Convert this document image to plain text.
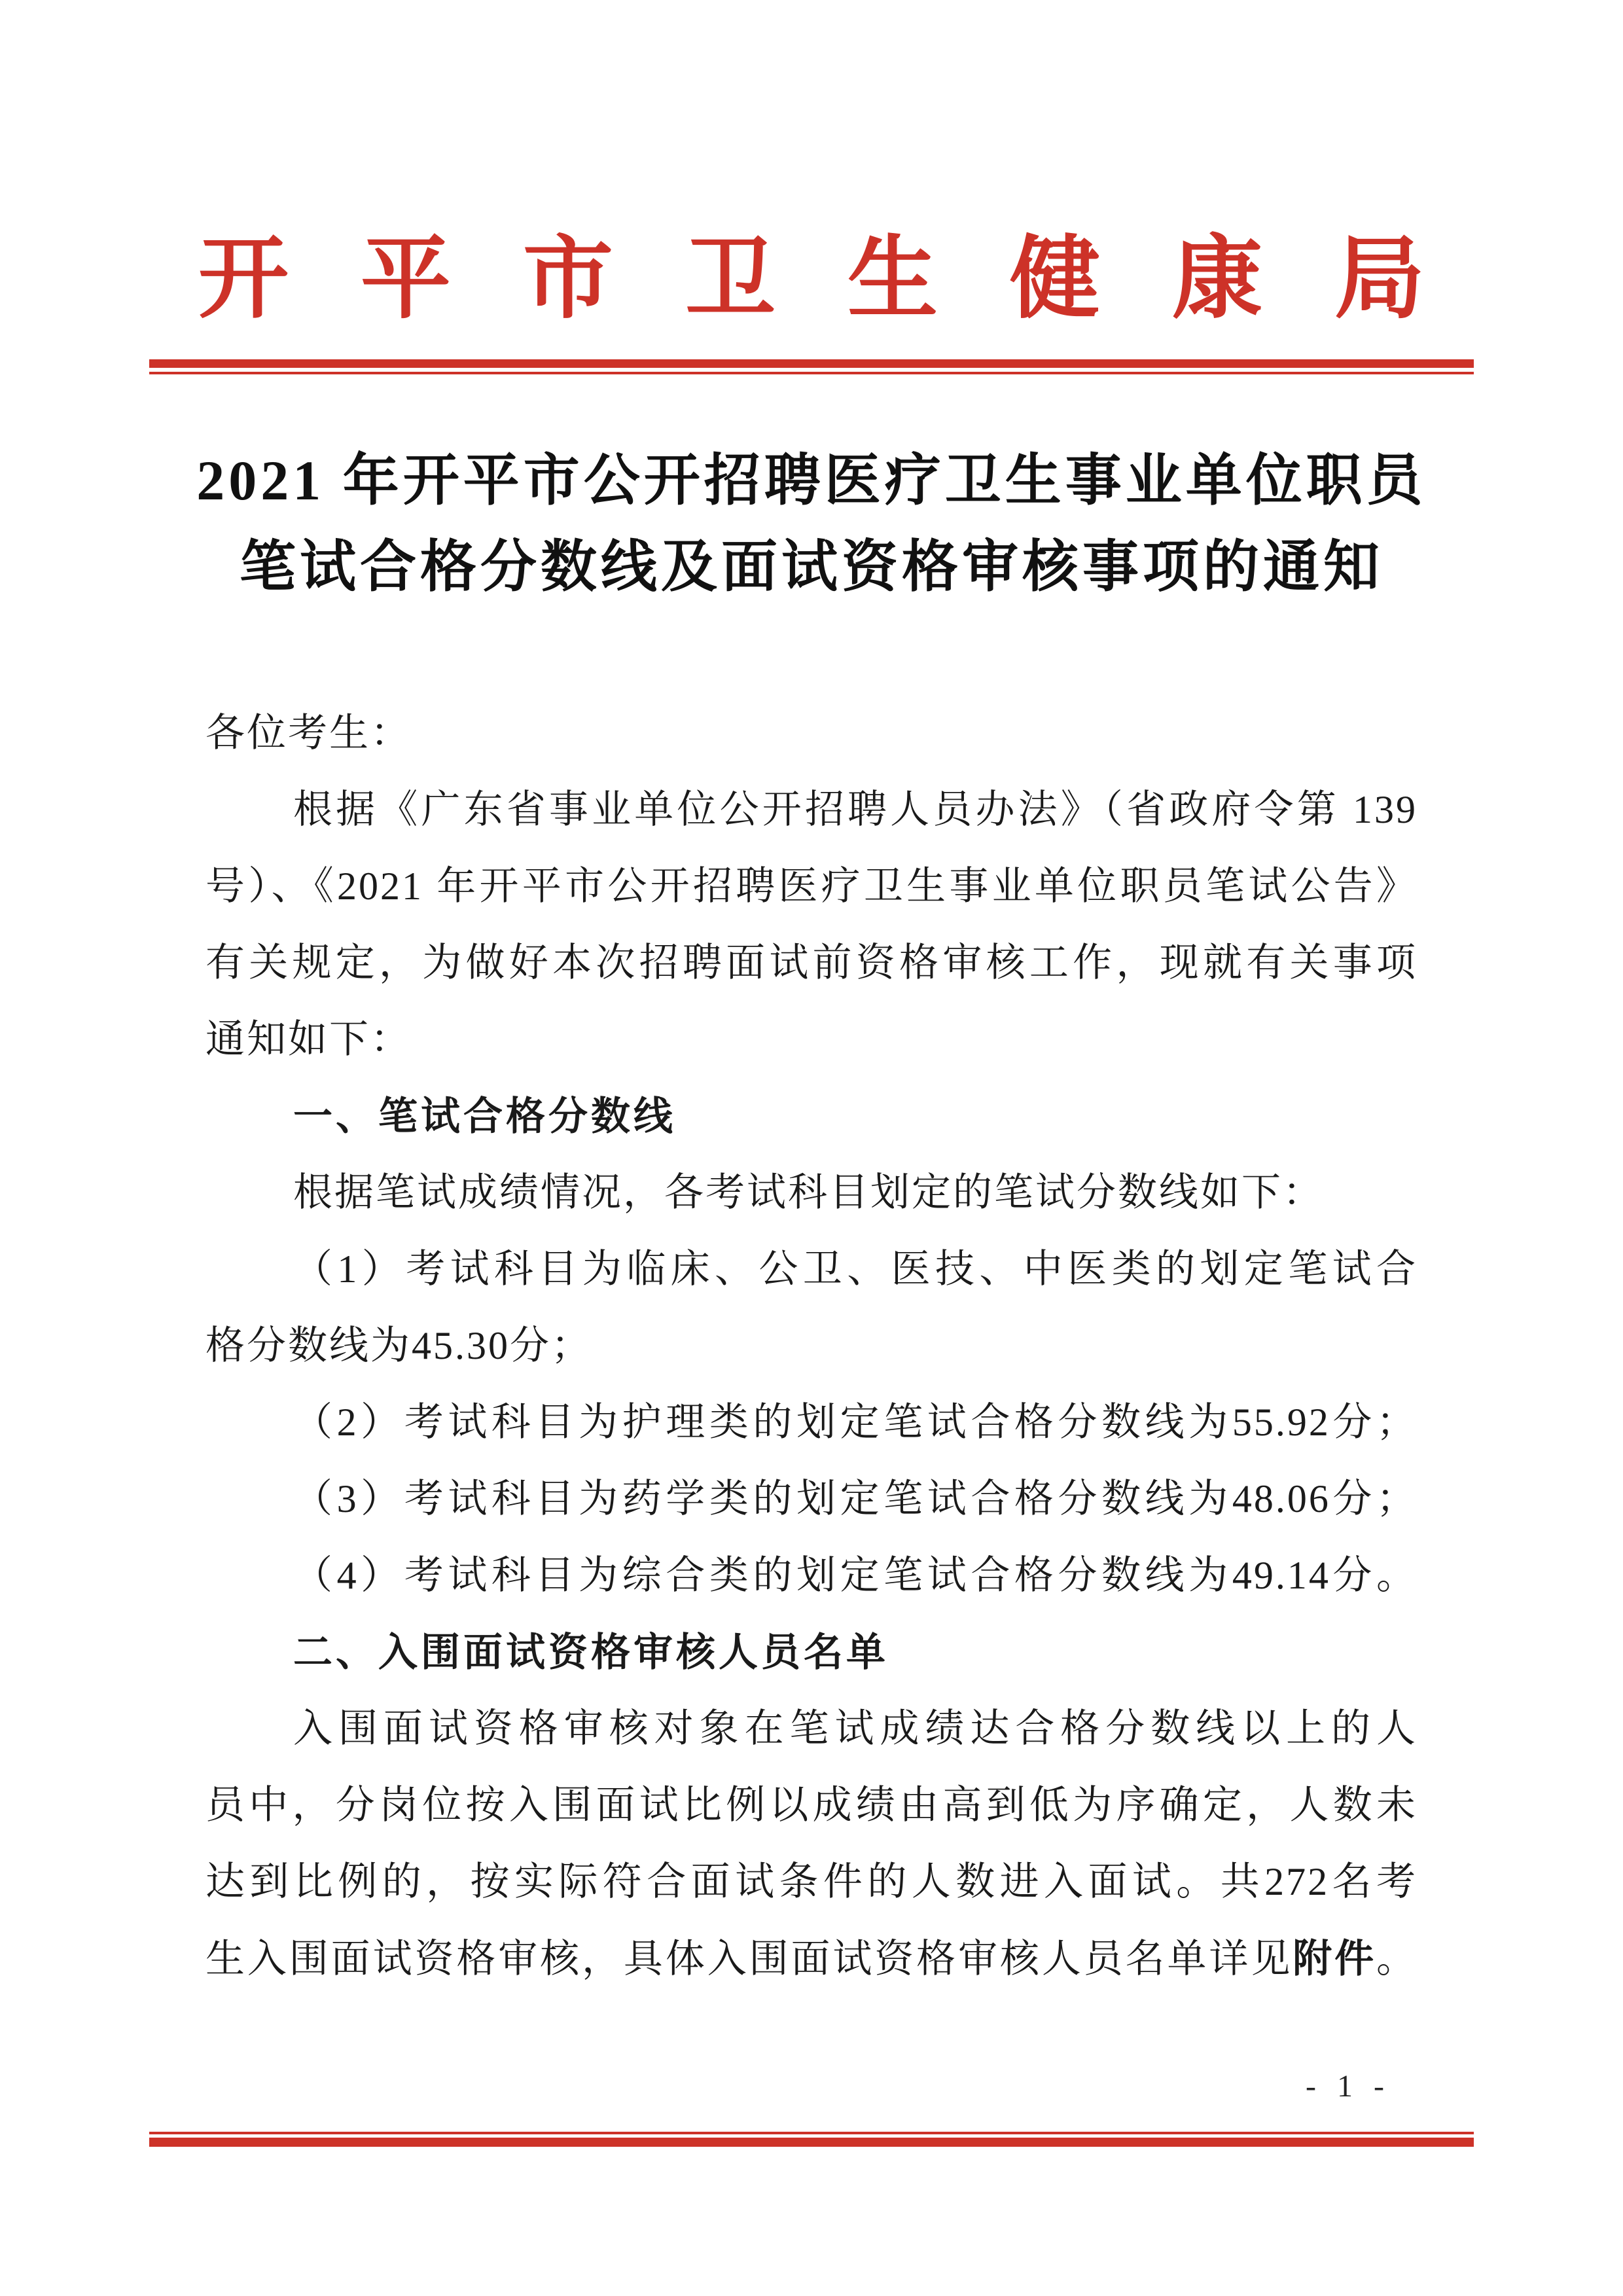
开平市卫生健康局
2021 年开平市公开招聘医疗卫生事业单位职员
笔试合格分数线及面试资格审核事项的通知
各位考生：
根据《广东省事业单位公开招聘人员办法》（省政府令第 139
号）、《2021 年开平市公开招聘医疗卫生事业单位职员笔试公告》
有关规定，为做好本次招聘面试前资格审核工作，现就有关事项
通知如下：
一、笔试合格分数线
根据笔试成绩情况，各考试科目划定的笔试分数线如下：
（1）考试科目为临床、公卫、医技、中医类的划定笔试合
格分数线为45.30分；
（2）考试科目为护理类的划定笔试合格分数线为55.92分；
（3）考试科目为药学类的划定笔试合格分数线为48.06分；
（4）考试科目为综合类的划定笔试合格分数线为49.14分。
二、入围面试资格审核人员名单
入围面试资格审核对象在笔试成绩达合格分数线以上的人
员中，分岗位按入围面试比例以成绩由高到低为序确定，人数未
达到比例的，按实际符合面试条件的人数进入面试。共272名考
生入围面试资格审核，具体入围面试资格审核人员名单详见附件。
- 1 -
